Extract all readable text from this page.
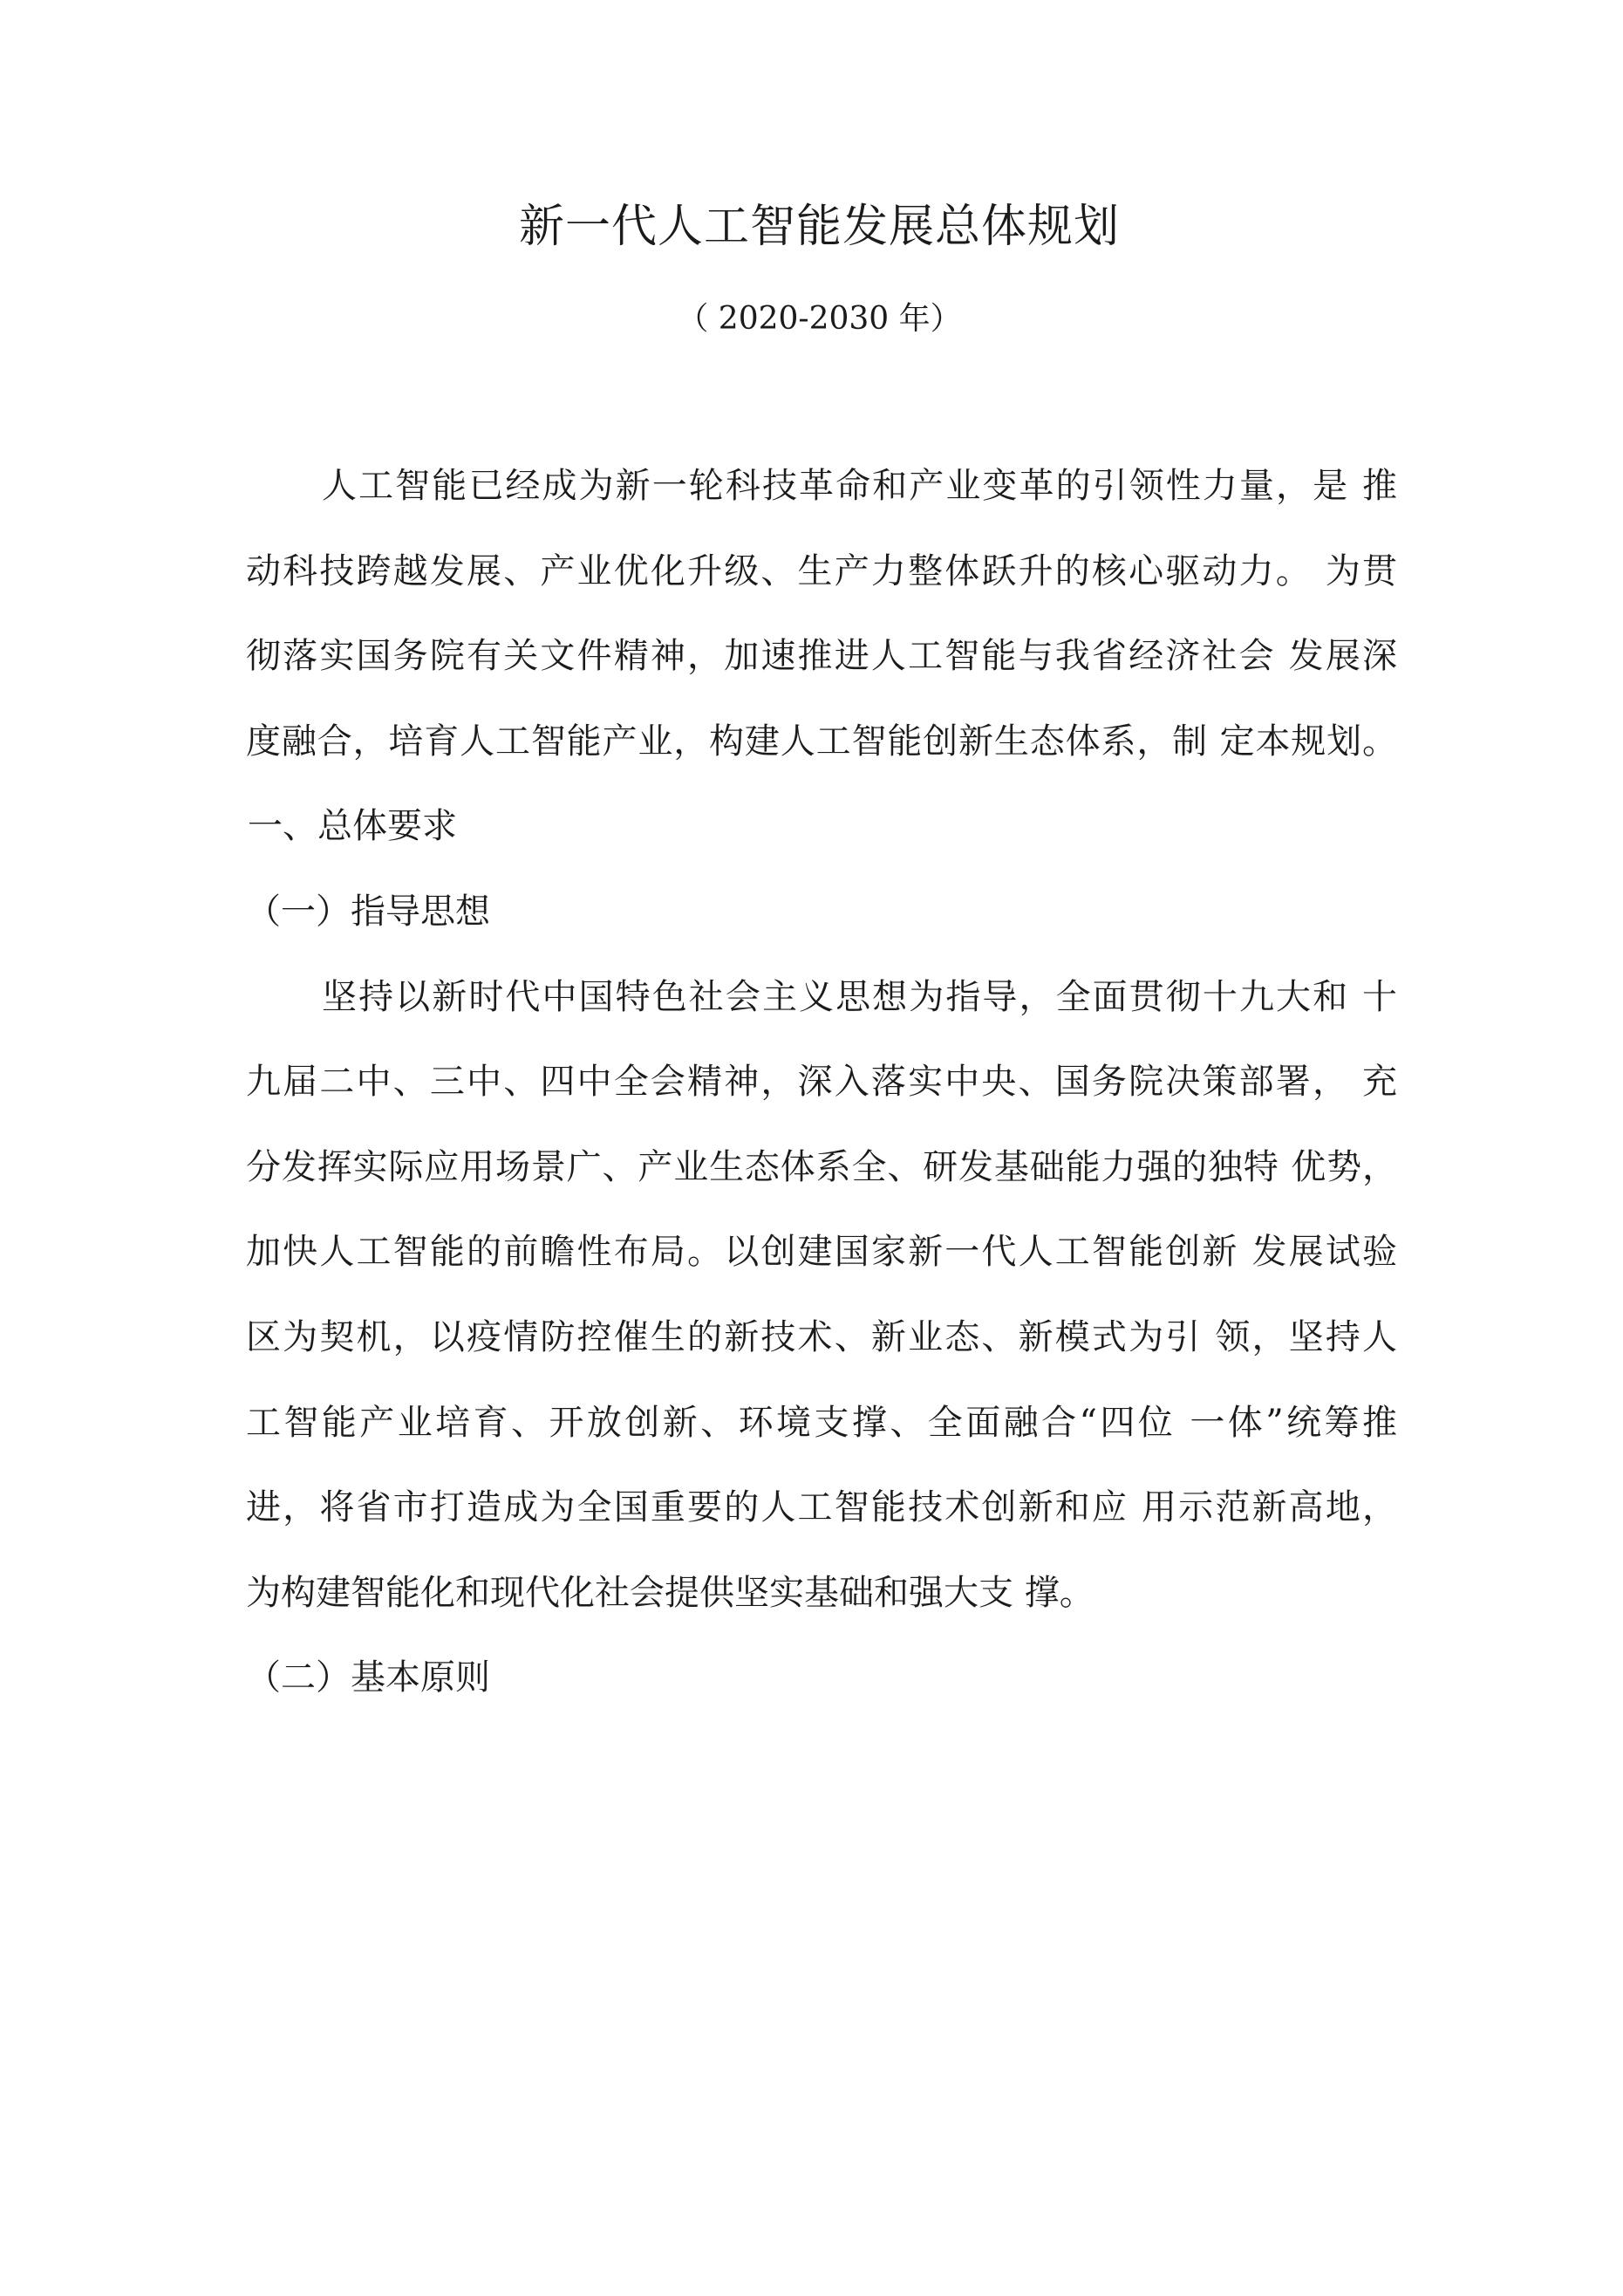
新一代人工智能发展总体规划
（ 2020-2030 年）
人工智能已经成为新一轮科技革命和产业变革的引领性力量，是 推
动科技跨越发展、产业优化升级、生产力整体跃升的核心驱动力。 为贯
彻落实国务院有关文件精神，加速推进人工智能与我省经济社会 发展深
度融合，培育人工智能产业，构建人工智能创新生态体系，制 定本规划。
一、总体要求
（一）指导思想
坚持以新时代中国特色社会主义思想为指导，全面贯彻十九大和 十
九届二中、三中、四中全会精神，深入落实中央、国务院决策部署， 充
分发挥实际应用场景广、产业生态体系全、研发基础能力强的独特 优势，
加快人工智能的前瞻性布局。以创建国家新一代人工智能创新 发展试验
区为契机，以疫情防控催生的新技术、新业态、新模式为引 领，坚持人
工智能产业培育、开放创新、环境支撑、全面融合“四位 一体”统筹推
进，将省市打造成为全国重要的人工智能技术创新和应 用示范新高地，
为构建智能化和现代化社会提供坚实基础和强大支 撑。
（二）基本原则
